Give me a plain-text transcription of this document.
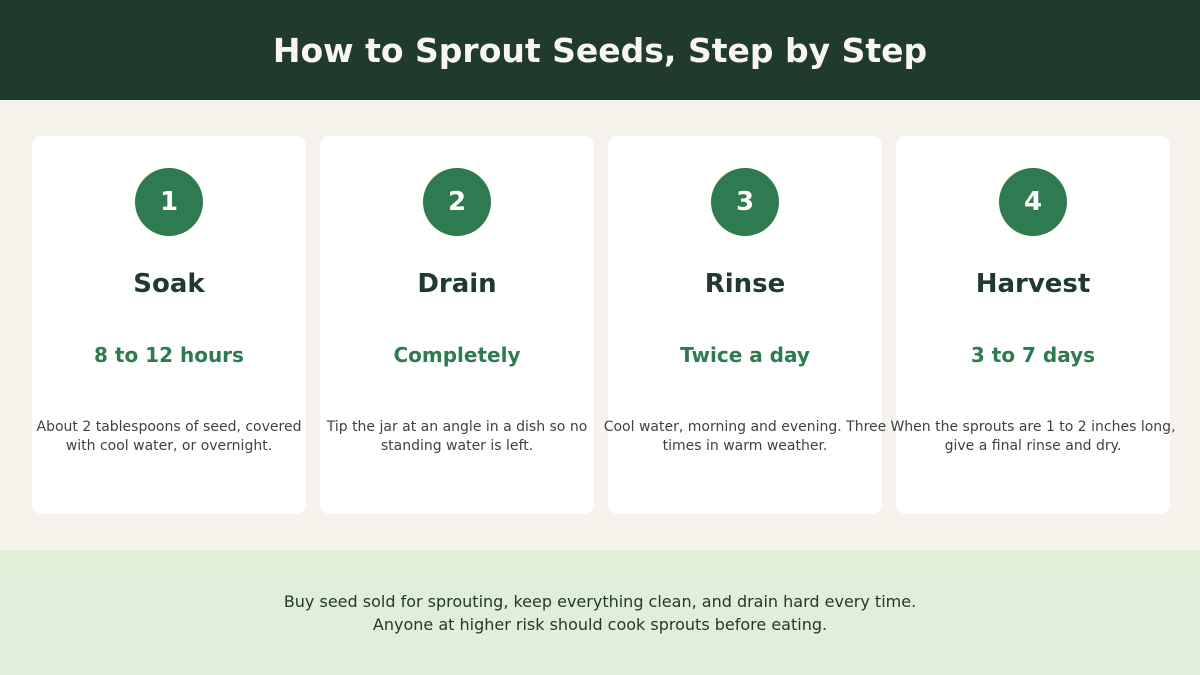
How to Sprout Seeds, Step by Step
1
Soak
8 to 12 hours
About 2 tablespoons of seed, covered with cool water, or overnight.
2
Drain
Completely
Tip the jar at an angle in a dish so no standing water is left.
3
Rinse
Twice a day
Cool water, morning and evening. Three times in warm weather.
4
Harvest
3 to 7 days
When the sprouts are 1 to 2 inches long, give a final rinse and dry.
Buy seed sold for sprouting, keep everything clean, and drain hard every time.
Anyone at higher risk should cook sprouts before eating.
